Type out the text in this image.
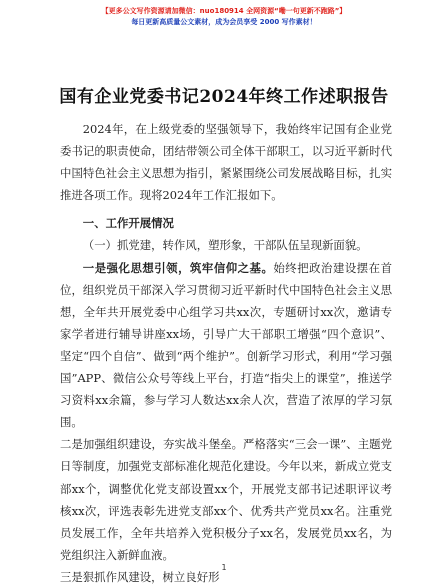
【更多公文写作资源请加微信：nuo180914 全网资源“嘞一句更新不跑路”】
每日更新高质量公文素材，成为会员享受 2000 写作素材！
国有企业党委书记2024年终工作述职报告

2024年，在上级党委的坚强领导下，我始终牢记国有企业党委书记的职责使命，团结带领公司全体干部职工，以习近平新时代中国特色社会主义思想为指引，紧紧围绕公司发展战略目标，扎实推进各项工作。现将2024年工作汇报如下。

一、工作开展情况

（一）抓党建，转作风，塑形象，干部队伍呈现新面貌。

一是强化思想引领，筑牢信仰之基。始终把政治建设摆在首位，组织党员干部深入学习贯彻习近平新时代中国特色社会主义思想，全年共开展党委中心组学习共xx次，专题研讨xx次，邀请专家学者进行辅导讲座xx场，引导广大干部职工增强“四个意识”、坚定“四个自信”、做到“两个维护”。创新学习形式，利用“学习强国”APP、微信公众号等线上平台，打造“指尖上的课堂”，推送学习资料xx余篇，参与学习人数达xx余人次，营造了浓厚的学习氛围。

二是加强组织建设，夯实战斗堡垒。严格落实“三会一课”、主题党日等制度，加强党支部标准化规范化建设。今年以来，新成立党支部xx个，调整优化党支部设置xx个，开展党支部书记述职评议考核xx次，评选表彰先进党支部xx个、优秀共产党员xx名。注重党员发展工作，全年共培养入党积极分子xx名，发展党员xx名，为党组织注入新鲜血液。

三是狠抓作风建设，树立良好形

1
